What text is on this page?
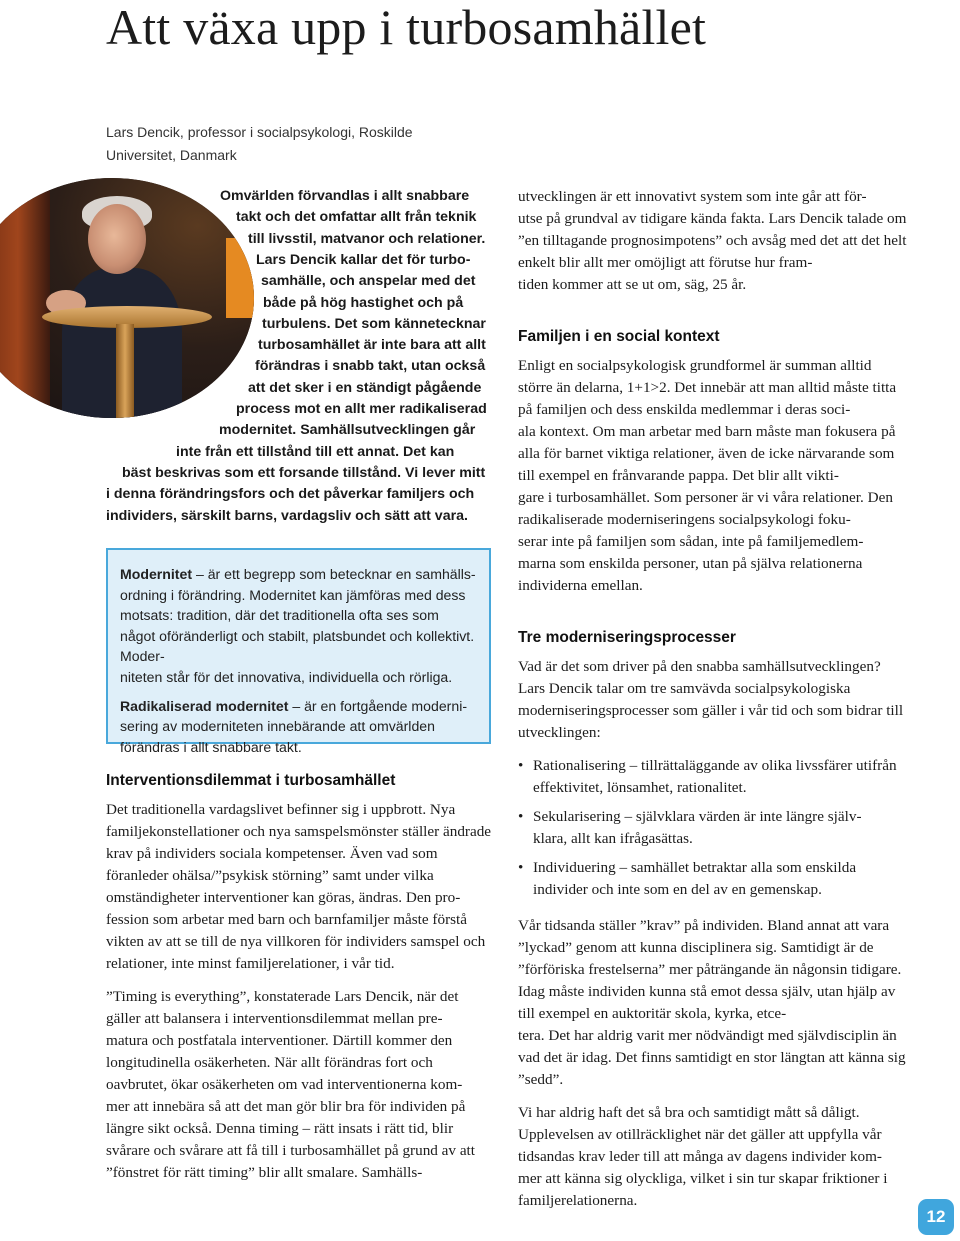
Att växa upp i turbosamhället
Lars Dencik, professor i socialpsykologi, Roskilde Universitet, Danmark
Omvärlden förvandlas i allt snabbare
takt och det omfattar allt från teknik
till livsstil, matvanor och relationer.
Lars Dencik kallar det för turbo-
samhälle, och anspelar med det
både på hög hastighet och på
turbulens. Det som kännetecknar
turbosamhället är inte bara att allt
förändras i snabb takt, utan också
att det sker i en ständigt pågående
process mot en allt mer radikaliserad
modernitet. Samhällsutvecklingen går
inte från ett tillstånd till ett annat. Det kan
bäst beskrivas som ett forsande tillstånd. Vi lever mitt
i denna förändringsfors och det påverkar familjers och
individers, särskilt barns, vardagsliv och sätt att vara.

Modernitet – är ett begrepp som betecknar en samhälls-
ordning i förändring. Modernitet kan jämföras med dess motsats: tradition, där det traditionella ofta ses som något oföränderligt och stabilt, platsbundet och kollektivt. Moder-
niteten står för det innovativa, individuella och rörliga.

Radikaliserad modernitet – är en fortgående moderni-
sering av moderniteten innebärande att omvärlden förändras i allt snabbare takt.

Interventionsdilemmat i turbosamhället

Det traditionella vardagslivet befinner sig i uppbrott. Nya familjekonstellationer och nya samspelsmönster ställer ändrade krav på individers sociala kompetenser. Även vad som föranleder ohälsa/”psykisk störning” samt under vilka omständigheter interventioner kan göras, ändras. Den pro-
fession som arbetar med barn och barnfamiljer måste förstå vikten av att se till de nya villkoren för individers samspel och relationer, inte minst familjerelationer, i vår tid.

”Timing is everything”, konstaterade Lars Dencik, när det gäller att balansera i interventionsdilemmat mellan pre-
matura och postfatala interventioner. Därtill kommer den longitudinella osäkerheten. När allt förändras fort och oavbrutet, ökar osäkerheten om vad interventionerna kom-
mer att innebära så att det man gör blir bra för individen på längre sikt också. Denna timing – rätt insats i rätt tid, blir svårare och svårare att få till i turbosamhället på grund av att ”fönstret för rätt timing” blir allt smalare. Samhälls-

utvecklingen är ett innovativt system som inte går att för-
utse på grundval av tidigare kända fakta. Lars Dencik talade om ”en tilltagande prognosimpotens” och avsåg med det att det helt enkelt blir allt mer omöjligt att förutse hur fram-
tiden kommer att se ut om, säg, 25 år.

Familjen i en social kontext

Enligt en socialpsykologisk grundformel är summan alltid större än delarna, 1+1>2. Det innebär att man alltid måste titta på familjen och dess enskilda medlemmar i deras soci-
ala kontext. Om man arbetar med barn måste man fokusera på alla för barnet viktiga relationer, även de icke närvarande som till exempel en frånvarande pappa. Det blir allt vikti-
gare i turbosamhället. Som personer är vi våra relationer. Den radikaliserade moderniseringens socialpsykologi foku-
serar inte på familjen som sådan, inte på familjemedlem-
marna som enskilda personer, utan på själva relationerna individerna emellan.

Tre moderniseringsprocesser

Vad är det som driver på den snabba samhällsutvecklingen? Lars Dencik talar om tre samvävda socialpsykologiska moderniseringsprocesser som gäller i vår tid och som bidrar till utvecklingen:

• Rationalisering – tillrättaläggande av olika livssfärer utifrån effektivitet, lönsamhet, rationalitet.
• Sekularisering – självklara värden är inte längre själv-
klara, allt kan ifrågasättas.
• Individuering – samhället betraktar alla som enskilda individer och inte som en del av en gemenskap.

Vår tidsanda ställer ”krav” på individen. Bland annat att vara ”lyckad” genom att kunna disciplinera sig. Samtidigt är de ”förföriska frestelserna” mer påträngande än någonsin tidigare. Idag måste individen kunna stå emot dessa själv, utan hjälp av till exempel en auktoritär skola, kyrka, etce-
tera. Det har aldrig varit mer nödvändigt med självdisciplin än vad det är idag. Det finns samtidigt en stor längtan att känna sig ”sedd”.

Vi har aldrig haft det så bra och samtidigt mått så dåligt. Upplevelsen av otillräcklighet när det gäller att uppfylla vår tidsandas krav leder till att många av dagens individer kom-
mer att känna sig olyckliga, vilket i sin tur skapar friktioner i familjerelationerna.

12
